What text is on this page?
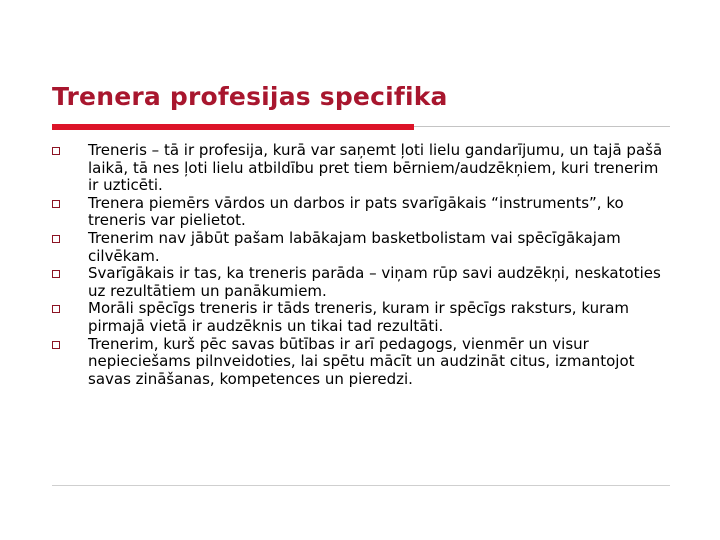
Trenera profesijas specifika
Treneris – tā ir profesija, kurā var saņemt ļoti lielu gandarījumu, un tajā pašā laikā, tā nes ļoti lielu atbildību pret tiem bērniem/audzēkņiem, kuri trenerim ir uzticēti.
Trenera piemērs vārdos un darbos ir pats svarīgākais “instruments”, ko treneris var pielietot.
Trenerim nav jābūt pašam labākajam basketbolistam vai spēcīgākajam cilvēkam.
Svarīgākais ir tas, ka treneris parāda – viņam rūp savi audzēkņi, neskatoties uz rezultātiem un panākumiem.
Morāli spēcīgs treneris ir tāds treneris, kuram ir spēcīgs raksturs, kuram pirmajā vietā ir audzēknis un tikai tad rezultāti.
Trenerim, kurš pēc savas būtības ir arī pedagogs, vienmēr un visur nepieciešams pilnveidoties, lai spētu mācīt un audzināt citus, izmantojot savas zināšanas, kompetences un pieredzi.
